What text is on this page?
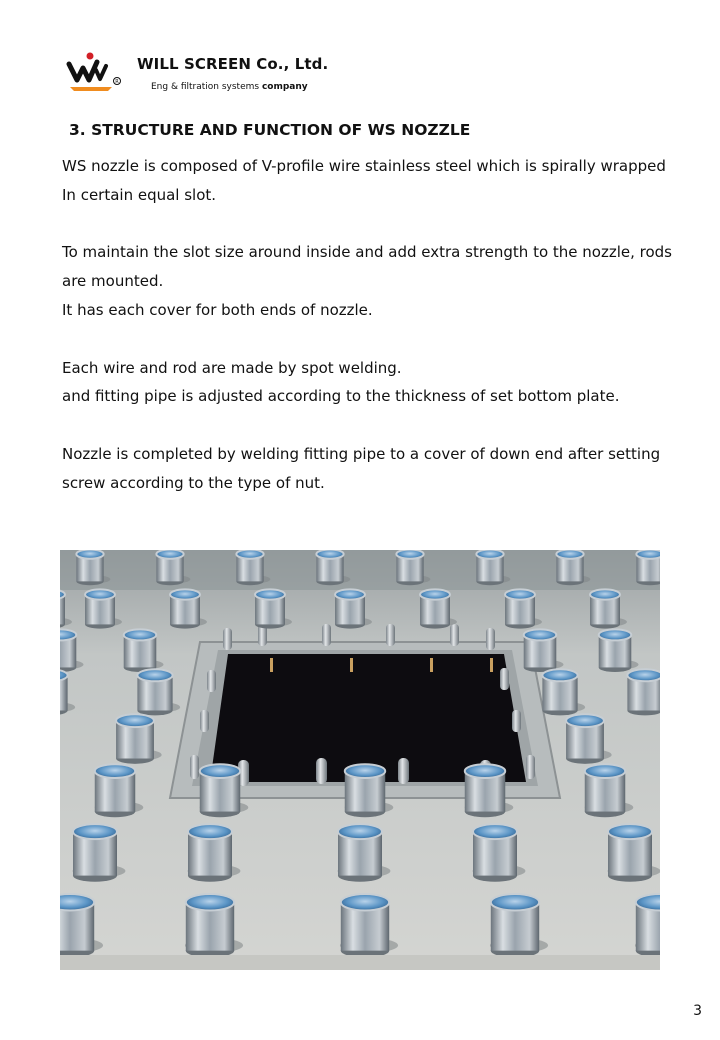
R
WILL SCREEN Co., Ltd.
Eng & filtration systems company
3. STRUCTURE AND FUNCTION OF WS NOZZLE

WS nozzle is composed of V-profile wire stainless steel which is spirally wrapped
In certain equal slot.

To maintain the slot size around inside and add extra strength to the nozzle, rods
are mounted.
It has each cover for both ends of nozzle.

Each wire and rod are made by spot welding.
and fitting pipe is adjusted according to the thickness of set bottom plate.

Nozzle is completed by welding fitting pipe to a cover of down end after setting
screw according to the type of nut.

3
